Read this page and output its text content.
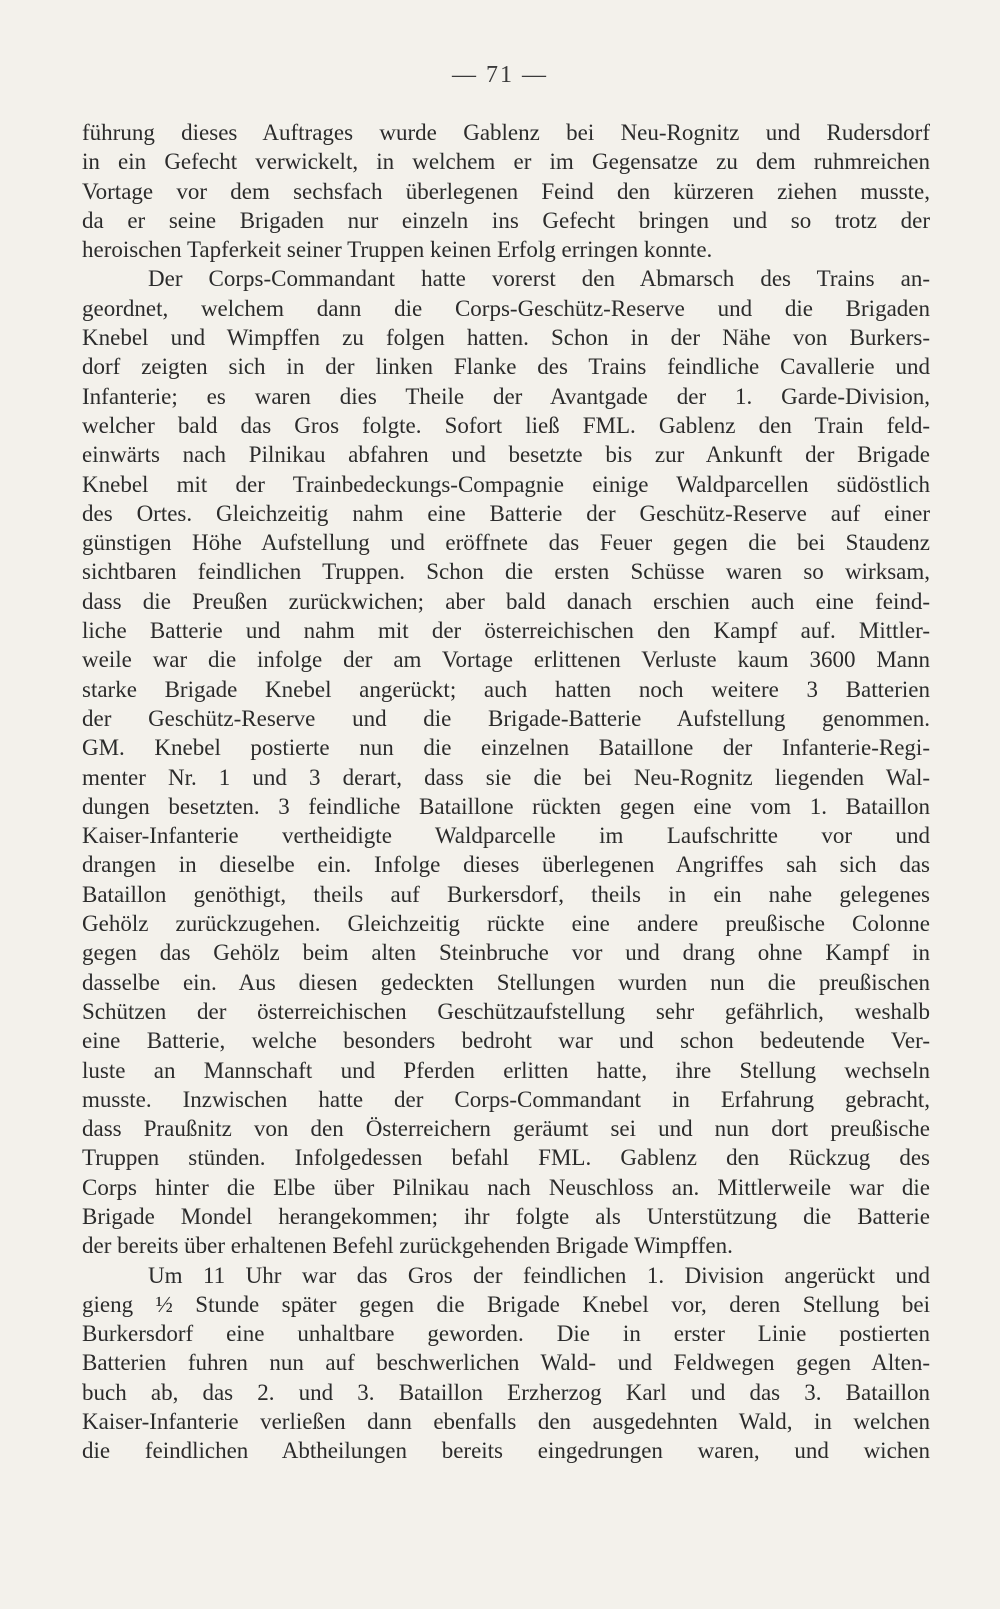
— 71 —
führung dieses Auftrages wurde Gablenz bei Neu-Rognitz und Rudersdorf
in ein Gefecht verwickelt, in welchem er im Gegensatze zu dem ruhmreichen
Vortage vor dem sechsfach überlegenen Feind den kürzeren ziehen musste,
da er seine Brigaden nur einzeln ins Gefecht bringen und so trotz der
heroischen Tapferkeit seiner Truppen keinen Erfolg erringen konnte.
Der Corps-Commandant hatte vorerst den Abmarsch des Trains an-
geordnet, welchem dann die Corps-Geschütz-Reserve und die Brigaden
Knebel und Wimpffen zu folgen hatten. Schon in der Nähe von Burkers-
dorf zeigten sich in der linken Flanke des Trains feindliche Cavallerie und
Infanterie; es waren dies Theile der Avantgade der 1. Garde-Division,
welcher bald das Gros folgte. Sofort ließ FML. Gablenz den Train feld-
einwärts nach Pilnikau abfahren und besetzte bis zur Ankunft der Brigade
Knebel mit der Trainbedeckungs-Compagnie einige Waldparcellen südöstlich
des Ortes. Gleichzeitig nahm eine Batterie der Geschütz-Reserve auf einer
günstigen Höhe Aufstellung und eröffnete das Feuer gegen die bei Staudenz
sichtbaren feindlichen Truppen. Schon die ersten Schüsse waren so wirksam,
dass die Preußen zurückwichen; aber bald danach erschien auch eine feind-
liche Batterie und nahm mit der österreichischen den Kampf auf. Mittler-
weile war die infolge der am Vortage erlittenen Verluste kaum 3600 Mann
starke Brigade Knebel angerückt; auch hatten noch weitere 3 Batterien
der Geschütz-Reserve und die Brigade-Batterie Aufstellung genommen.
GM. Knebel postierte nun die einzelnen Bataillone der Infanterie-Regi-
menter Nr. 1 und 3 derart, dass sie die bei Neu-Rognitz liegenden Wal-
dungen besetzten. 3 feindliche Bataillone rückten gegen eine vom 1. Bataillon
Kaiser-Infanterie vertheidigte Waldparcelle im Laufschritte vor und
drangen in dieselbe ein. Infolge dieses überlegenen Angriffes sah sich das
Bataillon genöthigt, theils auf Burkersdorf, theils in ein nahe gelegenes
Gehölz zurückzugehen. Gleichzeitig rückte eine andere preußische Colonne
gegen das Gehölz beim alten Steinbruche vor und drang ohne Kampf in
dasselbe ein. Aus diesen gedeckten Stellungen wurden nun die preußischen
Schützen der österreichischen Geschützaufstellung sehr gefährlich, weshalb
eine Batterie, welche besonders bedroht war und schon bedeutende Ver-
luste an Mannschaft und Pferden erlitten hatte, ihre Stellung wechseln
musste. Inzwischen hatte der Corps-Commandant in Erfahrung gebracht,
dass Praußnitz von den Österreichern geräumt sei und nun dort preußische
Truppen stünden. Infolgedessen befahl FML. Gablenz den Rückzug des
Corps hinter die Elbe über Pilnikau nach Neuschloss an. Mittlerweile war die
Brigade Mondel herangekommen; ihr folgte als Unterstützung die Batterie
der bereits über erhaltenen Befehl zurückgehenden Brigade Wimpffen.
Um 11 Uhr war das Gros der feindlichen 1. Division angerückt und
gieng ½ Stunde später gegen die Brigade Knebel vor, deren Stellung bei
Burkersdorf eine unhaltbare geworden. Die in erster Linie postierten
Batterien fuhren nun auf beschwerlichen Wald- und Feldwegen gegen Alten-
buch ab, das 2. und 3. Bataillon Erzherzog Karl und das 3. Bataillon
Kaiser-Infanterie verließen dann ebenfalls den ausgedehnten Wald, in welchen
die feindlichen Abtheilungen bereits eingedrungen waren, und wichen
